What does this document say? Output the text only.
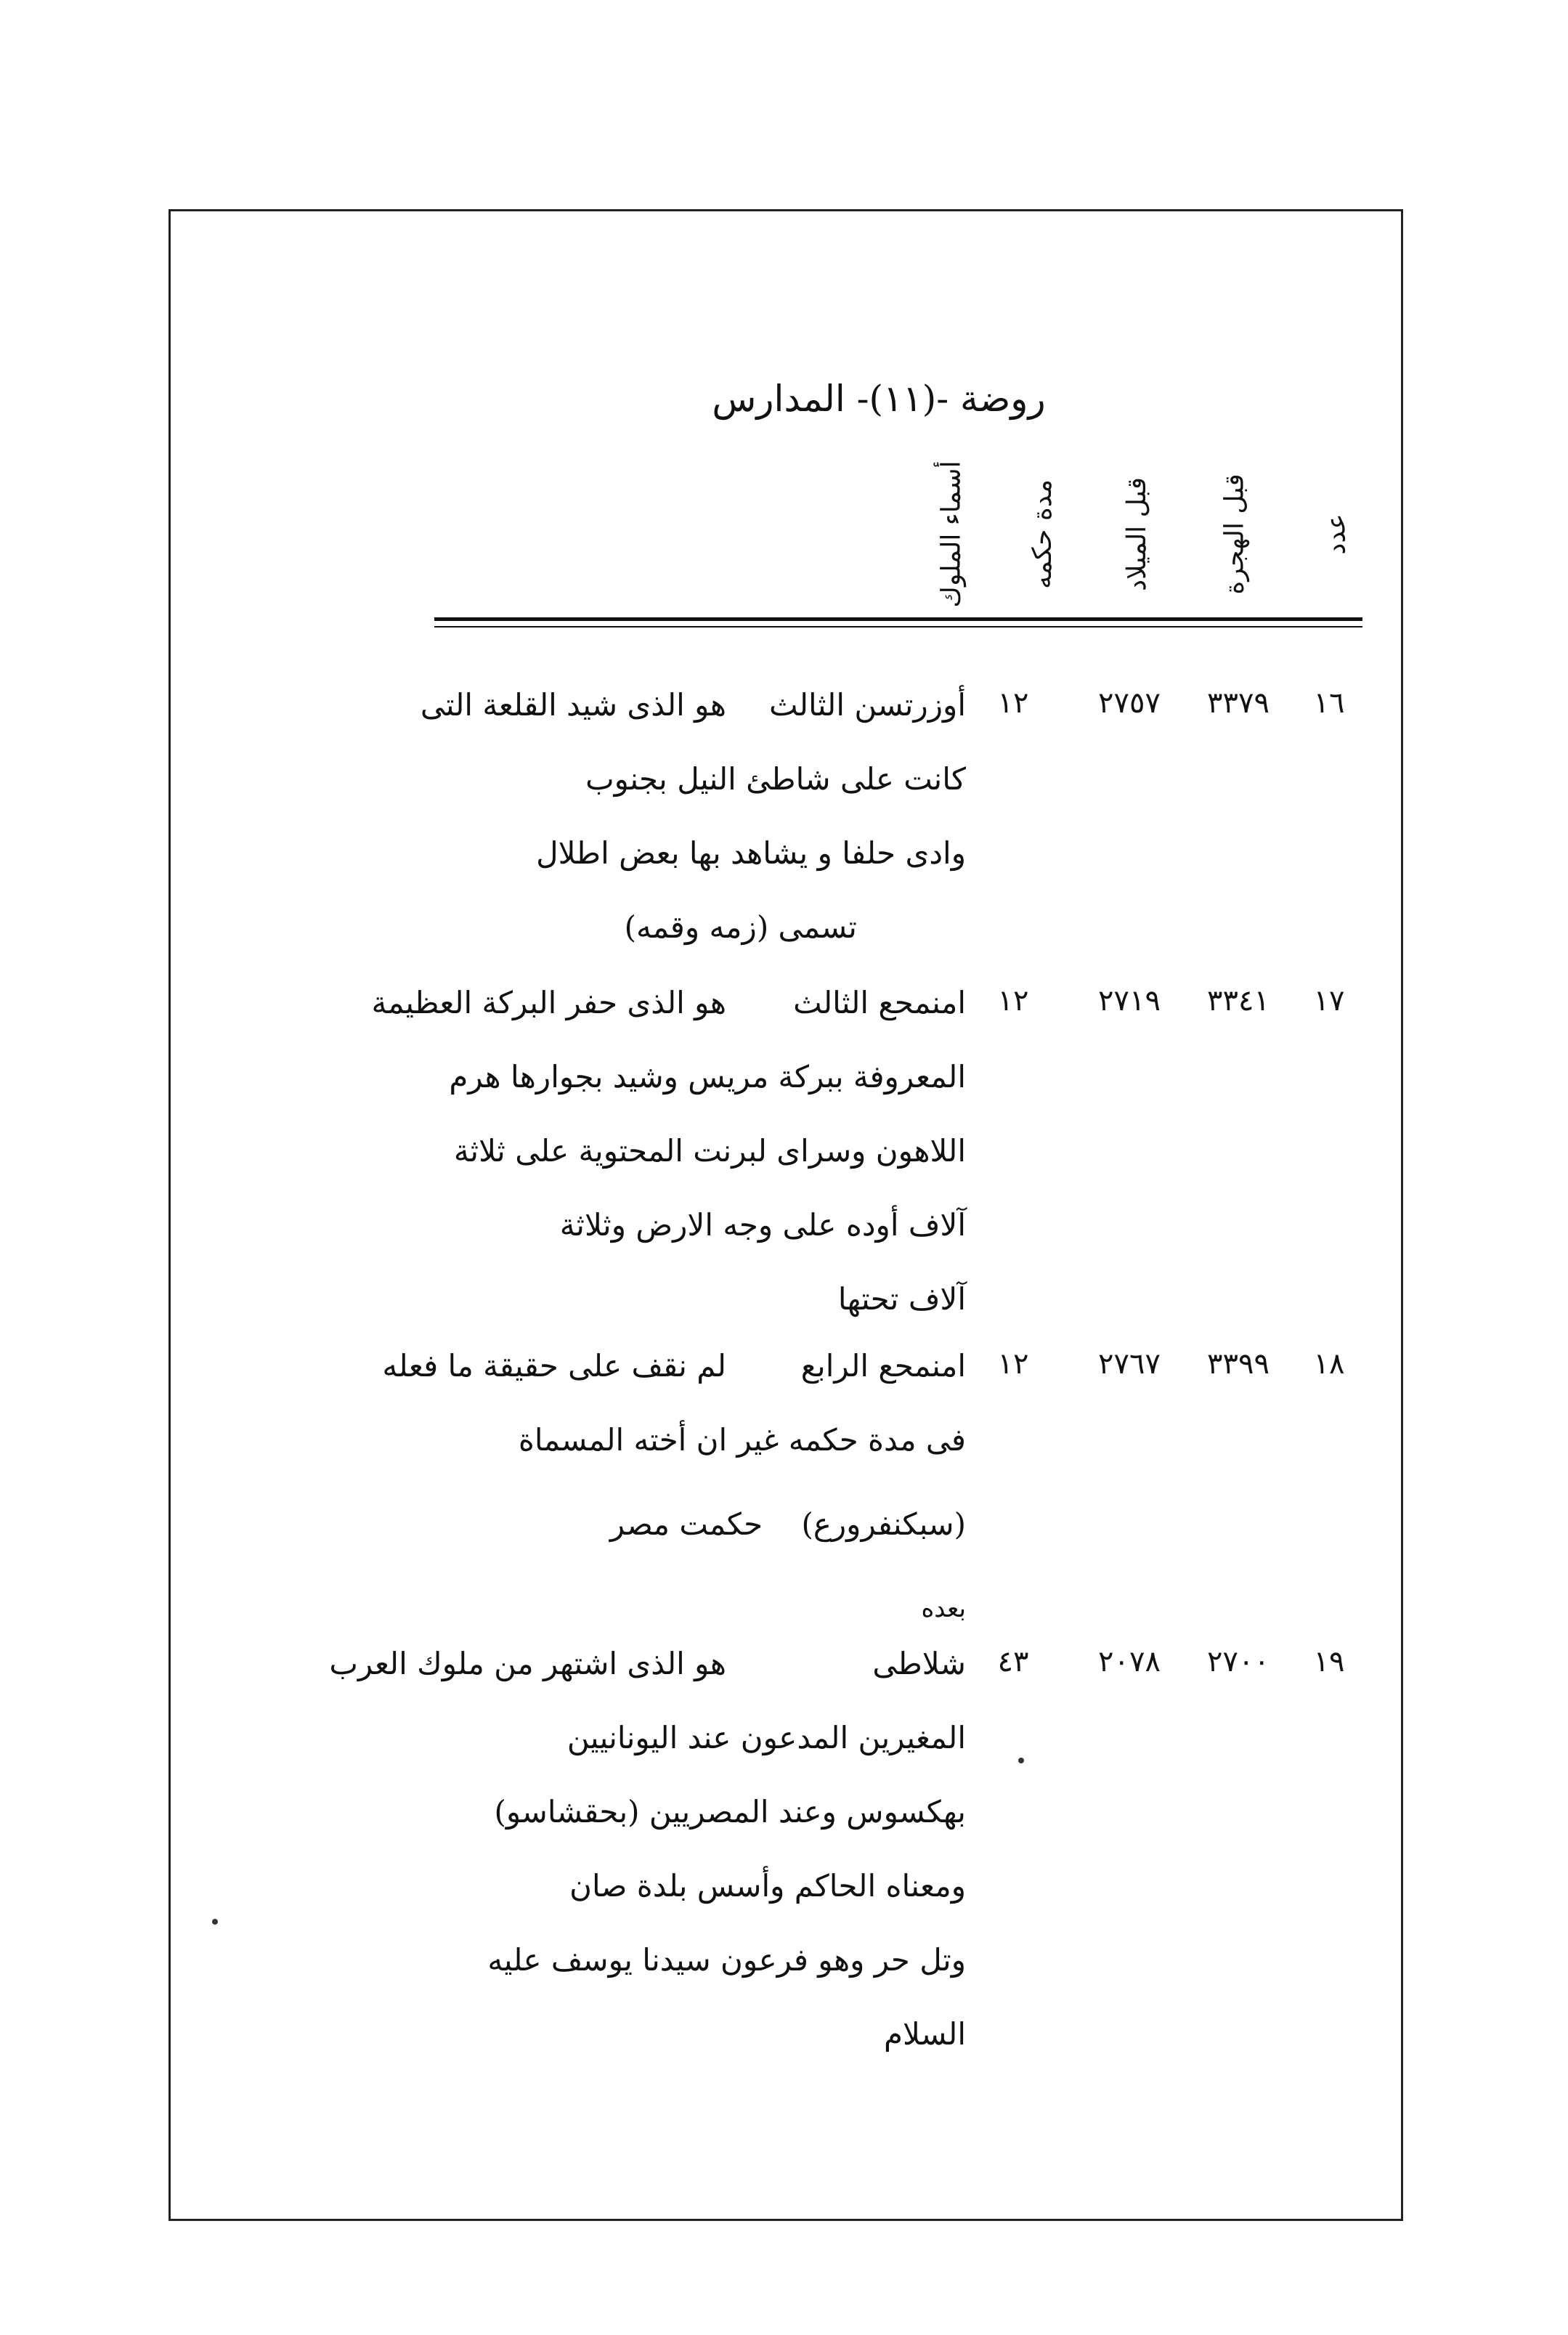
روضة -(١١)- المدارس
عدد
قبل الهجرة
قبل الميلاد
مدة حكمه
أسماء الملوك
١٦
٣٣٧٩
٢٧٥٧
١٢
أوزرتسن الثالثهو الذى شيد القلعة التى
كانت على شاطئ النيل بجنوب
وادى حلفا و يشاهد بها بعض اطلال
تسمى (زمه وقمه)
١٧
٣٣٤١
٢٧١٩
١٢
امنمحع الثالثهو الذى حفر البركة العظيمة
المعروفة ببركة مريس وشيد بجوارها هرم
اللاهون وسراى لبرنت المحتوية على ثلاثة
آلاف أوده على وجه الارض وثلاثة
آلاف تحتها
١٨
٣٣٩٩
٢٧٦٧
١٢
امنمحع الرابعلم نقف على حقيقة ما فعله
فى مدة حكمه غير ان أخته المسماة
(سبكنفرورع)    حكمت مصر
بعده
١٩
٢٧٠٠
٢٠٧٨
٤٣
شلاطىهو الذى اشتهر من ملوك العرب
المغيرين المدعون عند اليونانيين
بهكسوس وعند المصريين (بحقشاسو)
ومعناه الحاكم وأسس بلدة صان
وتل حر وهو فرعون سيدنا يوسف عليه
السلام
